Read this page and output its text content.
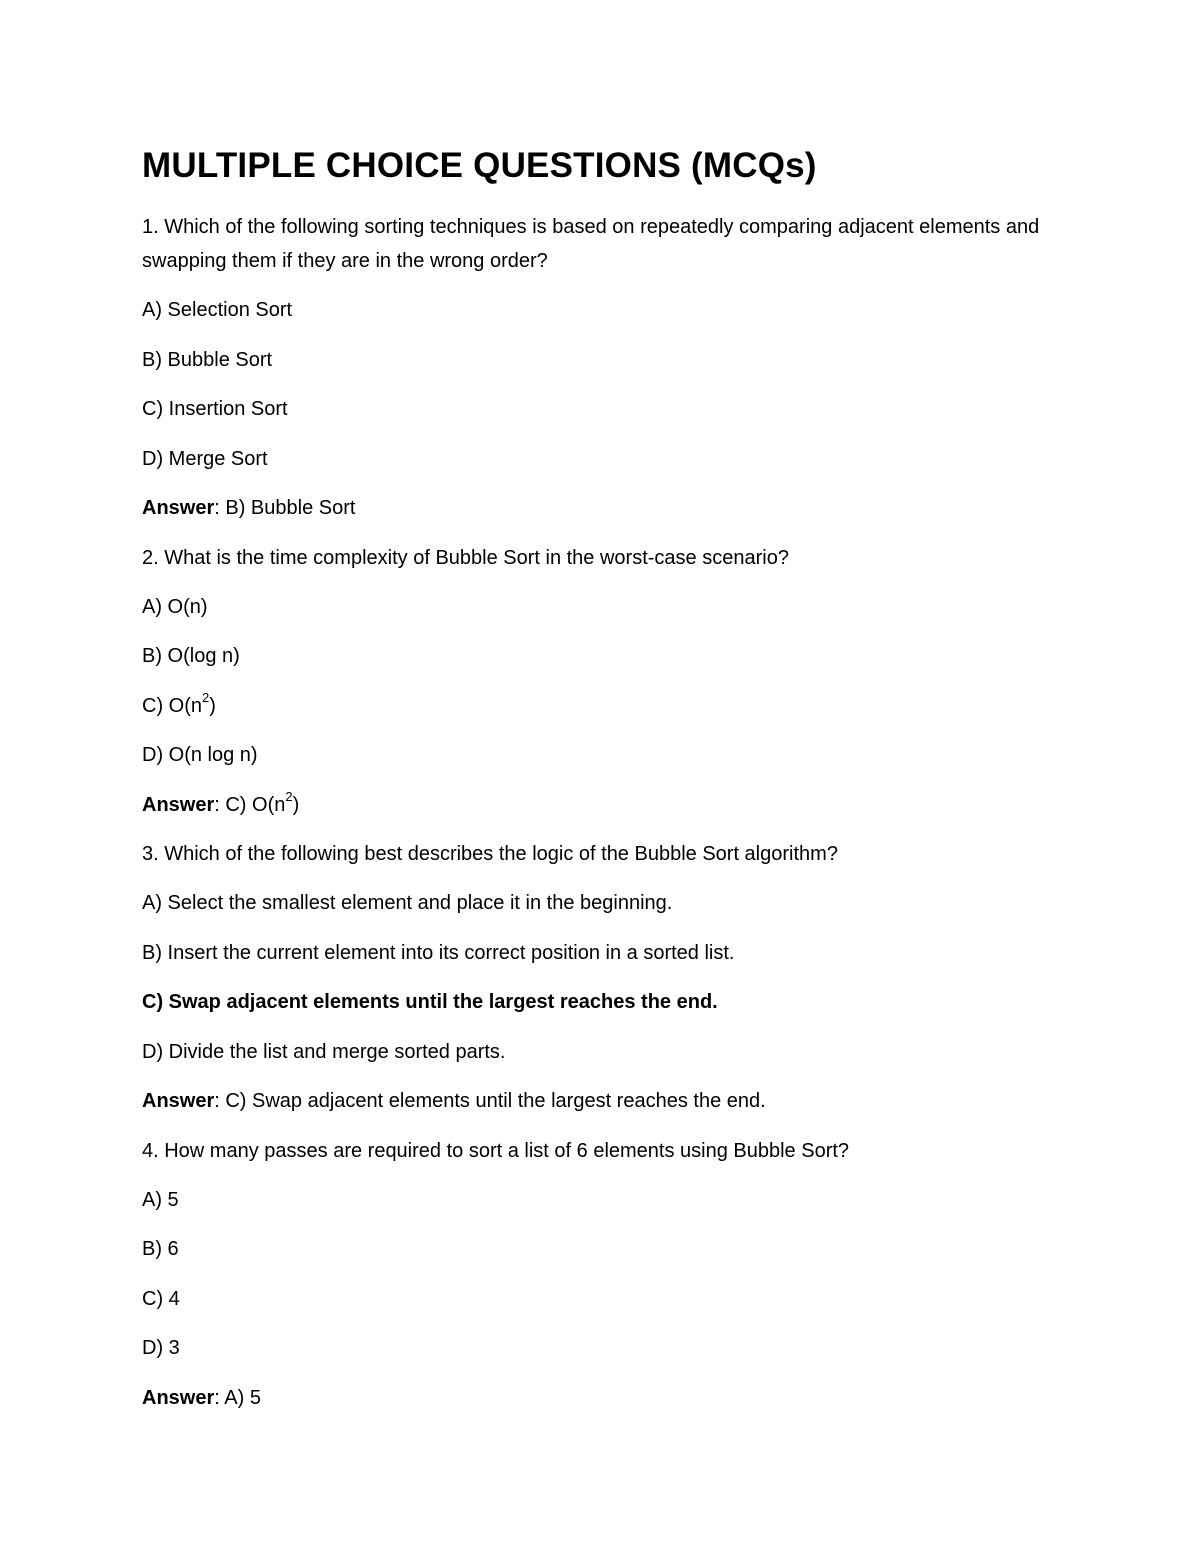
MULTIPLE CHOICE QUESTIONS (MCQs)

1. Which of the following sorting techniques is based on repeatedly comparing adjacent elements and swapping them if they are in the wrong order?

A) Selection Sort

B) Bubble Sort

C) Insertion Sort

D) Merge Sort

Answer: B) Bubble Sort

2. What is the time complexity of Bubble Sort in the worst-case scenario?

A) O(n)

B) O(log n)

C) $O(n^2)$

D) O(n log n)

Answer: C) $O(n^2)$

3. Which of the following best describes the logic of the Bubble Sort algorithm?

A) Select the smallest element and place it in the beginning.

B) Insert the current element into its correct position in a sorted list.

C) Swap adjacent elements until the largest reaches the end.

D) Divide the list and merge sorted parts.

Answer: C) Swap adjacent elements until the largest reaches the end.

4. How many passes are required to sort a list of 6 elements using Bubble Sort?

A) 5

B) 6

C) 4

D) 3

Answer: A) 5
